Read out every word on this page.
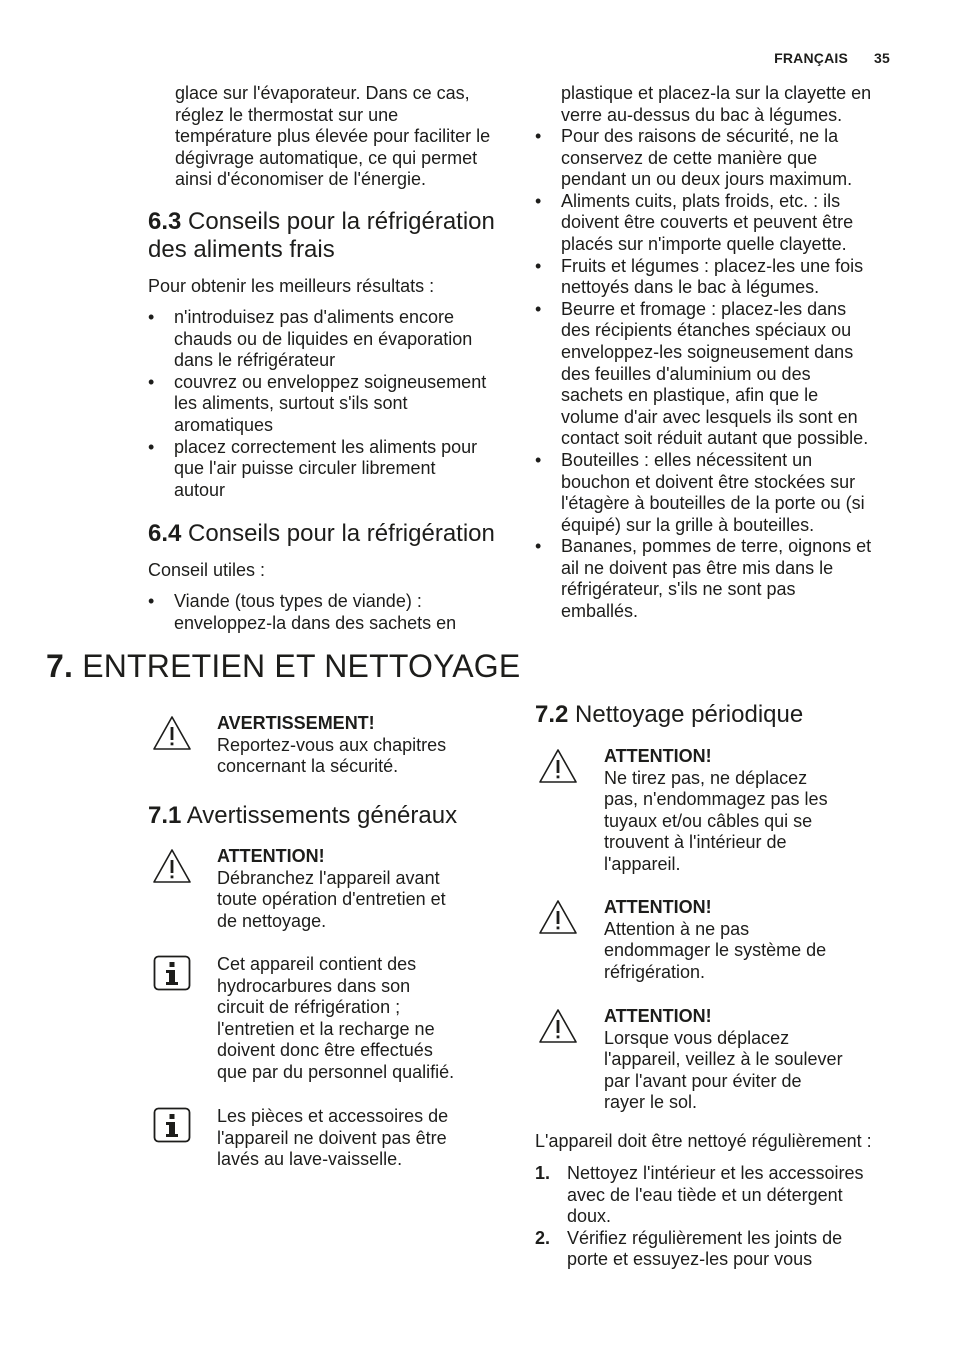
FRANÇAIS 35
glace sur l'évaporateur. Dans ce cas,
réglez le thermostat sur une
température plus élevée pour faciliter le
dégivrage automatique, ce qui permet
ainsi d'économiser de l'énergie.
6.3 Conseils pour la réfrigération
des aliments frais
Pour obtenir les meilleurs résultats :
• n'introduisez pas d'aliments encore
chauds ou de liquides en évaporation
dans le réfrigérateur
• couvrez ou enveloppez soigneusement
les aliments, surtout s'ils sont
aromatiques
• placez correctement les aliments pour
que l'air puisse circuler librement
autour
6.4 Conseils pour la réfrigération
Conseil utiles :
• Viande (tous types de viande) :
enveloppez-la dans des sachets en
plastique et placez-la sur la clayette en
verre au-dessus du bac à légumes.
• Pour des raisons de sécurité, ne la
conservez de cette manière que
pendant un ou deux jours maximum.
• Aliments cuits, plats froids, etc. : ils
doivent être couverts et peuvent être
placés sur n'importe quelle clayette.
• Fruits et légumes : placez-les une fois
nettoyés dans le bac à légumes.
• Beurre et fromage : placez-les dans
des récipients étanches spéciaux ou
enveloppez-les soigneusement dans
des feuilles d'aluminium ou des
sachets en plastique, afin que le
volume d'air avec lesquels ils sont en
contact soit réduit autant que possible.
• Bouteilles : elles nécessitent un
bouchon et doivent être stockées sur
l'étagère à bouteilles de la porte ou (si
équipé) sur la grille à bouteilles.
• Bananes, pommes de terre, oignons et
ail ne doivent pas être mis dans le
réfrigérateur, s'ils ne sont pas
emballés.
7. ENTRETIEN ET NETTOYAGE
AVERTISSEMENT!
Reportez-vous aux chapitres
concernant la sécurité.
7.1 Avertissements généraux
ATTENTION!
Débranchez l'appareil avant
toute opération d'entretien et
de nettoyage.
Cet appareil contient des
hydrocarbures dans son
circuit de réfrigération ;
l'entretien et la recharge ne
doivent donc être effectués
que par du personnel qualifié.
Les pièces et accessoires de
l'appareil ne doivent pas être
lavés au lave-vaisselle.
7.2 Nettoyage périodique
ATTENTION!
Ne tirez pas, ne déplacez
pas, n'endommagez pas les
tuyaux et/ou câbles qui se
trouvent à l'intérieur de
l'appareil.
ATTENTION!
Attention à ne pas
endommager le système de
réfrigération.
ATTENTION!
Lorsque vous déplacez
l'appareil, veillez à le soulever
par l'avant pour éviter de
rayer le sol.
L'appareil doit être nettoyé régulièrement :
1. Nettoyez l'intérieur et les accessoires
avec de l'eau tiède et un détergent
doux.
2. Vérifiez régulièrement les joints de
porte et essuyez-les pour vous
